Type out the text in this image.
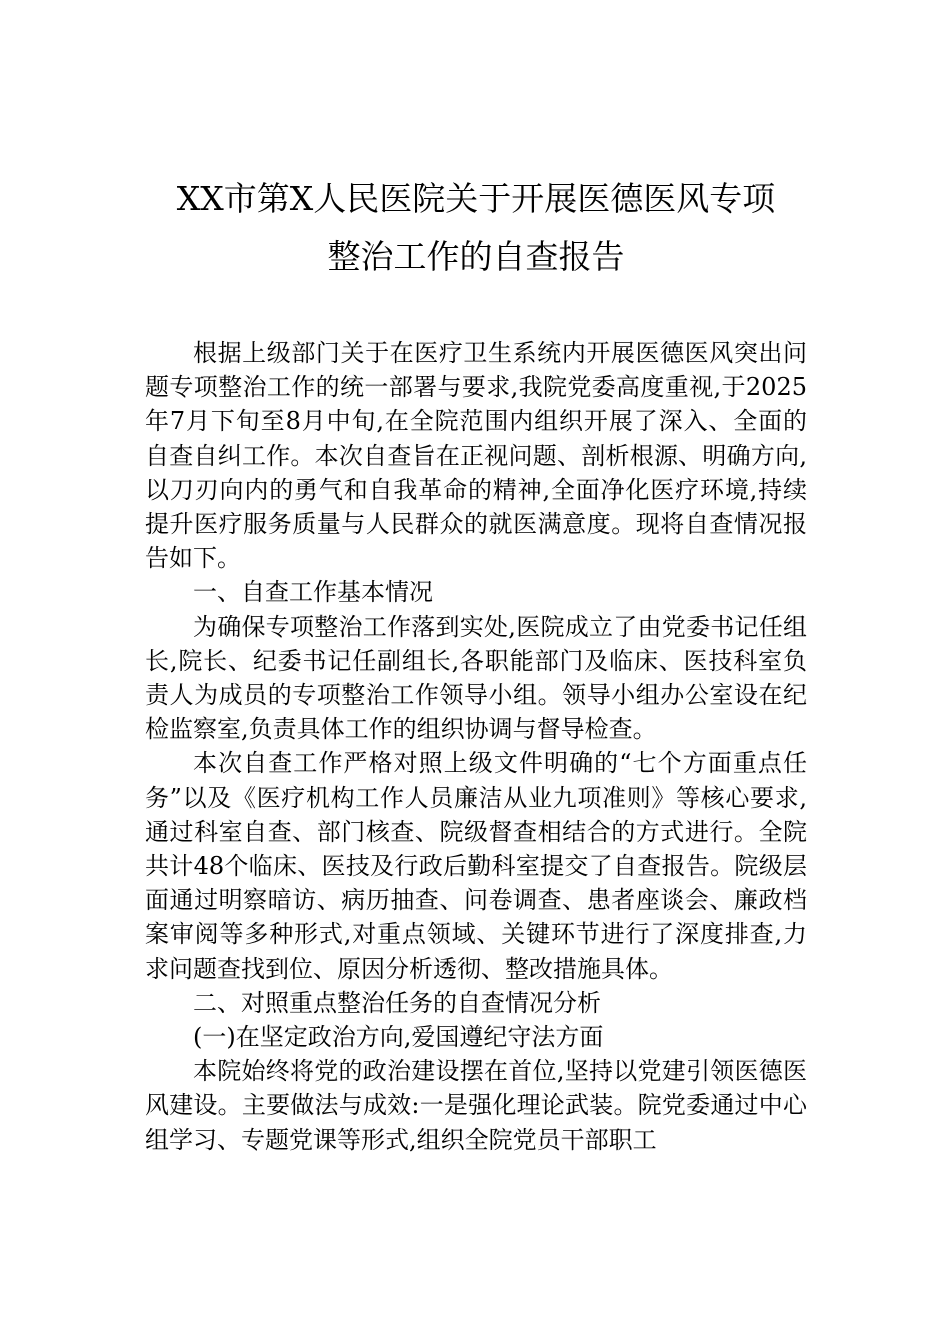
XX市第X人民医院关于开展医德医风专项
整治工作的自查报告

根据上级部门关于在医疗卫生系统内开展医德医风突出问题专项整治工作的统一部署与要求,我院党委高度重视,于2025年7月下旬至8月中旬,在全院范围内组织开展了深入、全面的自查自纠工作。本次自查旨在正视问题、剖析根源、明确方向,以刀刃向内的勇气和自我革命的精神,全面净化医疗环境,持续提升医疗服务质量与人民群众的就医满意度。现将自查情况报告如下。

一、自查工作基本情况

为确保专项整治工作落到实处,医院成立了由党委书记任组长,院长、纪委书记任副组长,各职能部门及临床、医技科室负责人为成员的专项整治工作领导小组。领导小组办公室设在纪检监察室,负责具体工作的组织协调与督导检查。

本次自查工作严格对照上级文件明确的“七个方面重点任务”以及《医疗机构工作人员廉洁从业九项准则》等核心要求,通过科室自查、部门核查、院级督查相结合的方式进行。全院共计48个临床、医技及行政后勤科室提交了自查报告。院级层面通过明察暗访、病历抽查、问卷调查、患者座谈会、廉政档案审阅等多种形式,对重点领域、关键环节进行了深度排查,力求问题查找到位、原因分析透彻、整改措施具体。

二、对照重点整治任务的自查情况分析

(一)在坚定政治方向,爱国遵纪守法方面

本院始终将党的政治建设摆在首位,坚持以党建引领医德医风建设。主要做法与成效:一是强化理论武装。院党委通过中心组学习、专题党课等形式,组织全院党员干部职工
